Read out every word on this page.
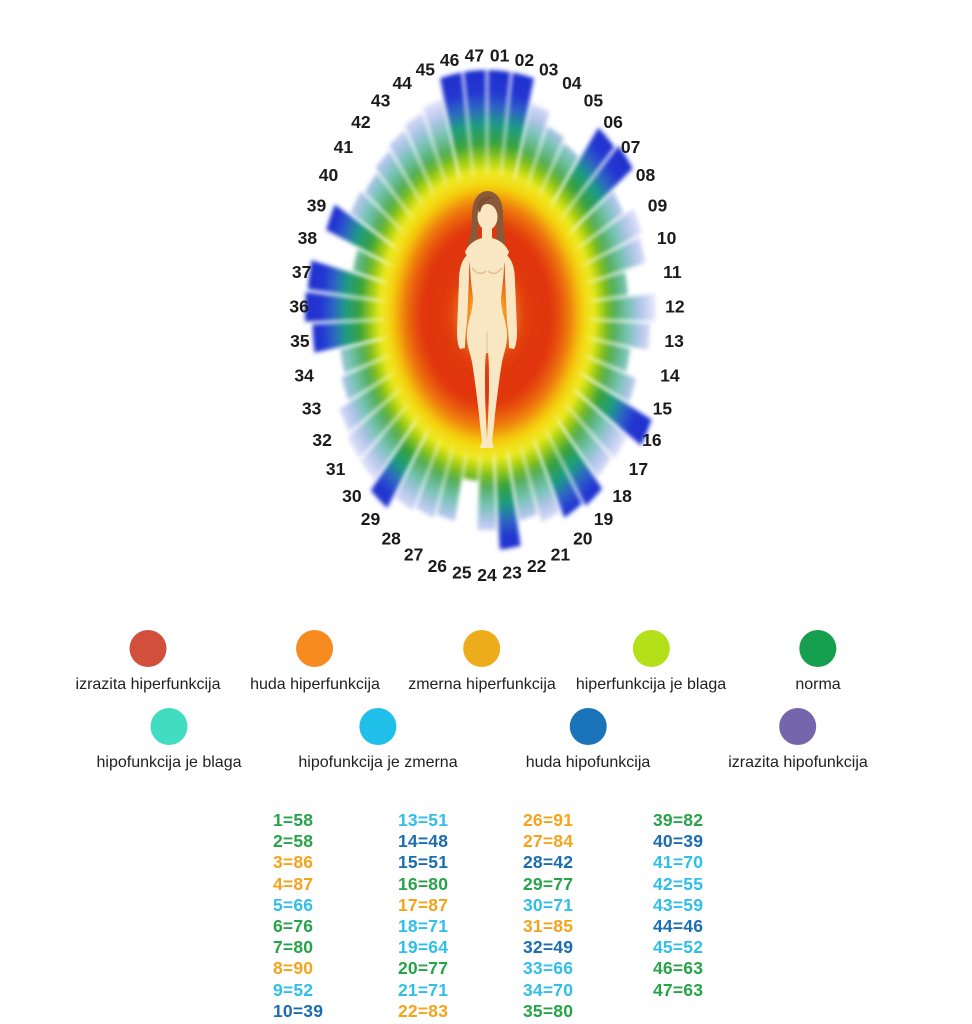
01 02 03
04
05
06
07
08
09
10
11
12
13
14
15
16
17
18
19
20
21
22
23
24
25
26
27
28
29
30
31
32
33
34
35
36
37
38
39
40
41
42
43
44
45 46 47
izrazita hiperfunkcija huda hiperfunkcija zmerna hiperfunkcija hiperfunkcija je blaga	norma
hipofunkcija je blaga	hipofunkcija je zmerna	huda hipofunkcija	izrazita hipofunkcija
1=58
2=58
3=86
4=87
5=66
6=76
7=80
8=90
9=52
10=39
13=51
14=48
15=51
16=80
17=87
18=71
19=64
20=77
21=71
22=83
26=91
27=84
28=42
29=77
30=71
31=85
32=49
33=66
34=70
35=80
39=82
40=39
41=70
42=55
43=59
44=46
45=52
46=63
47=63
